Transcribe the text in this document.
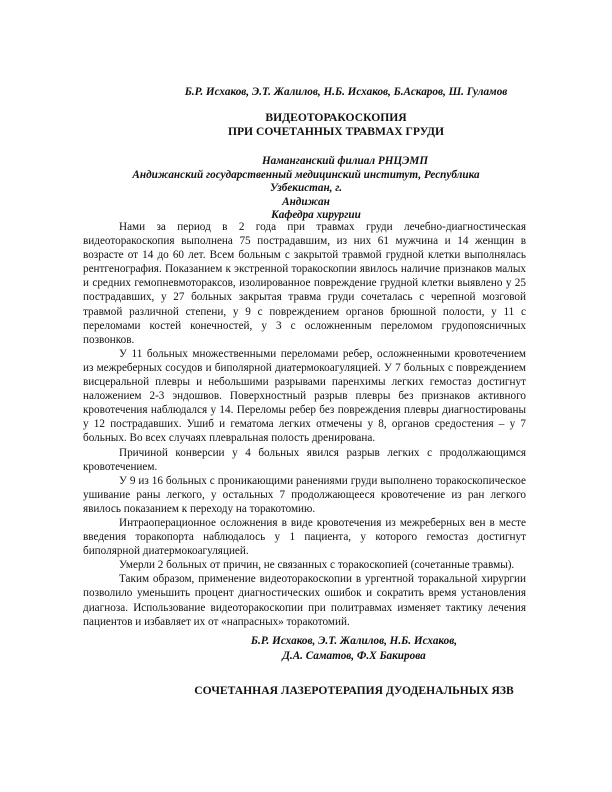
Б.Р. Исхаков, Э.Т. Жалилов, Н.Б. Исхаков, Б.Аскаров, Ш. Гуламов
ВИДЕОТОРАКОСКОПИЯ
ПРИ СОЧЕТАННЫХ ТРАВМАХ ГРУДИ
Наманганский филиал РНЦЭМП
Андижанский государственный медицинский институт, Республика Узбекистан, г.
Андижан
Кафедра хирургии

Нами за период в 2 года при травмах груди лечебно-диагностическая видеоторакоскопия выполнена 75 пострадавшим, из них 61 мужчина и 14 женщин в возрасте от 14 до 60 лет. Всем больным с закрытой травмой грудной клетки выполнялась рентгенография. Показанием к экстренной торакоскопии явилось наличие признаков малых и средних гемопневмотораксов, изолированное повреждение грудной клетки выявлено у 25 пострадавших, у 27 больных закрытая травма груди сочеталась с черепной мозговой травмой различной степени, у 9 с повреждением органов брюшной полости, у 11 с переломами костей конечностей, у 3 с осложненным переломом грудопоясничных позвонков.

У 11 больных множественными переломами ребер, осложненными кровотечением из межреберных сосудов и биполярной диатермокоагуляцией. У 7 больных с повреждением висцеральной плевры и небольшими разрывами паренхимы легких гемостаз достигнут наложением 2-3 эндошвов. Поверхностный разрыв плевры без признаков активного кровотечения наблюдался у 14. Переломы ребер без повреждения плевры диагностированы у 12 пострадавших. Ушиб и гематома легких отмечены у 8, органов средостения – у 7 больных. Во всех случаях плевральная полость дренирована.

Причиной конверсии у 4 больных явился разрыв легких с продолжающимся кровотечением.

У 9 из 16 больных с проникающими ранениями груди выполнено торакоскопическое ушивание раны легкого, у остальных 7 продолжающееся кровотечение из ран легкого явилось показанием к переходу на торакотомию.

Интраоперационное осложнения в виде кровотечения из межреберных вен в месте введения торакопорта наблюдалось у 1 пациента, у которого гемостаз достигнут биполярной диатермокоагуляцией.

Умерли 2 больных от причин, не связанных с торакоскопией (сочетанные травмы).

Таким образом, применение видеоторакоскопии в ургентной торакальной хирургии позволило уменьшить процент диагностических ошибок и сократить время установления диагноза. Использование видеоторакоскопии при политравмах изменяет тактику лечения пациентов и избавляет их от «напрасных» торакотомий.

Б.Р. Исхаков, Э.Т. Жалилов, Н.Б. Исхаков,
Д.А. Саматов, Ф.Х Бакирова
СОЧЕТАННАЯ ЛАЗЕРОТЕРАПИЯ ДУОДЕНАЛЬНЫХ ЯЗВ
